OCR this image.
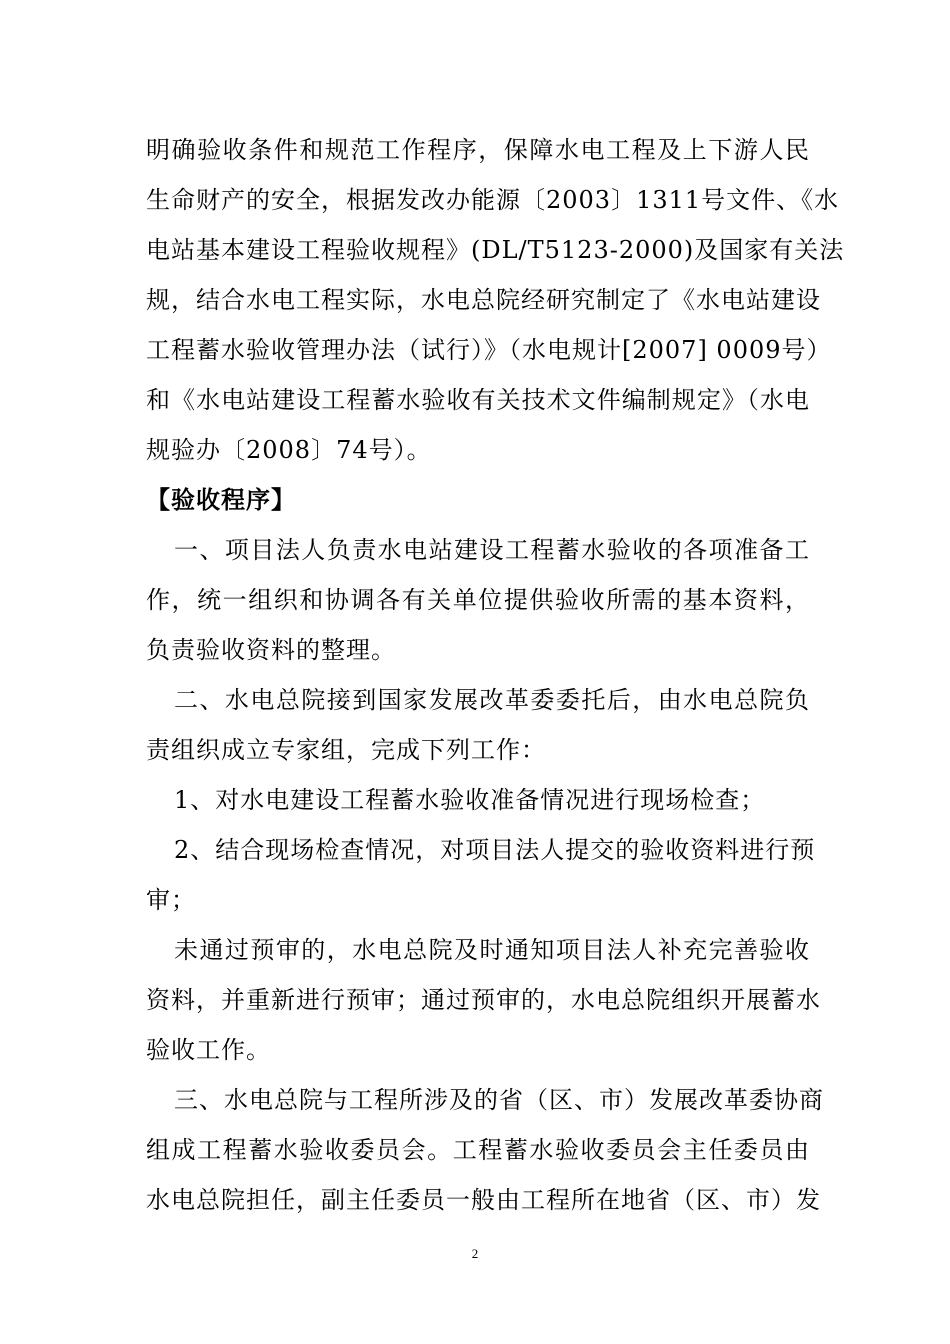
明确验收条件和规范工作程序，保障水电工程及上下游人民
生命财产的安全，根据发改办能源〔2003〕1311号文件、《水
电站基本建设工程验收规程》(DL/T5123-2000)及国家有关法
规，结合水电工程实际，水电总院经研究制定了《水电站建设
工程蓄水验收管理办法（试行）》（水电规计[2007] 0009号）
和《水电站建设工程蓄水验收有关技术文件编制规定》（水电
规验办〔2008〕74号）。
【验收程序】
一、项目法人负责水电站建设工程蓄水验收的各项准备工
作，统一组织和协调各有关单位提供验收所需的基本资料，
负责验收资料的整理。
二、水电总院接到国家发展改革委委托后，由水电总院负
责组织成立专家组，完成下列工作：
1、对水电建设工程蓄水验收准备情况进行现场检查；
2、结合现场检查情况，对项目法人提交的验收资料进行预
审；
未通过预审的，水电总院及时通知项目法人补充完善验收
资料，并重新进行预审；通过预审的，水电总院组织开展蓄水
验收工作。
三、水电总院与工程所涉及的省（区、市）发展改革委协商
组成工程蓄水验收委员会。工程蓄水验收委员会主任委员由
水电总院担任，副主任委员一般由工程所在地省（区、市）发
2
